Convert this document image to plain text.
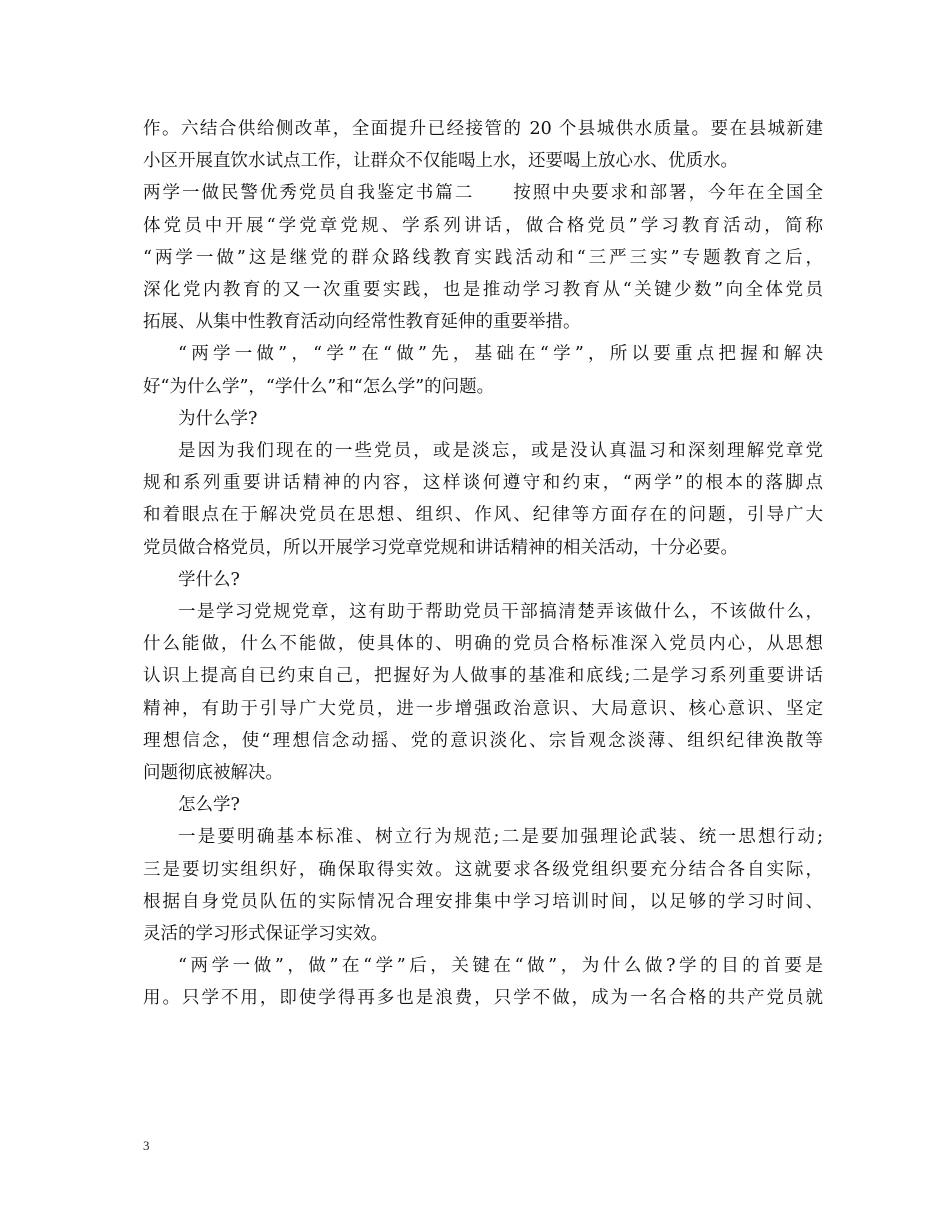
作。六结合供给侧改革，全面提升已经接管的 20 个县城供水质量。要在县城新建
小区开展直饮水试点工作，让群众不仅能喝上水，还要喝上放心水、优质水。
两学一做民警优秀党员自我鉴定书篇二　　按照中央要求和部署，今年在全国全
体党员中开展“学党章党规、学系列讲话，做合格党员”学习教育活动，简称
“两学一做”这是继党的群众路线教育实践活动和“三严三实”专题教育之后，
深化党内教育的又一次重要实践，也是推动学习教育从“关键少数”向全体党员
拓展、从集中性教育活动向经常性教育延伸的重要举措。
“两学一做”，“学”在“做”先，基础在“学”，所以要重点把握和解决
好“为什么学”，“学什么”和“怎么学”的问题。
为什么学?
是因为我们现在的一些党员，或是淡忘，或是没认真温习和深刻理解党章党
规和系列重要讲话精神的内容，这样谈何遵守和约束，“两学”的根本的落脚点
和着眼点在于解决党员在思想、组织、作风、纪律等方面存在的问题，引导广大
党员做合格党员，所以开展学习党章党规和讲话精神的相关活动，十分必要。
学什么?
一是学习党规党章，这有助于帮助党员干部搞清楚弄该做什么，不该做什么，
什么能做，什么不能做，使具体的、明确的党员合格标准深入党员内心，从思想
认识上提高自已约束自己，把握好为人做事的基准和底线;二是学习系列重要讲话
精神，有助于引导广大党员，进一步增强政治意识、大局意识、核心意识、坚定
理想信念，使“理想信念动摇、党的意识淡化、宗旨观念淡薄、组织纪律涣散等
问题彻底被解决。
怎么学?
一是要明确基本标准、树立行为规范;二是要加强理论武装、统一思想行动;
三是要切实组织好，确保取得实效。这就要求各级党组织要充分结合各自实际，
根据自身党员队伍的实际情况合理安排集中学习培训时间，以足够的学习时间、
灵活的学习形式保证学习实效。
“两学一做”，做”在“学”后，关键在“做”，为什么做?学的目的首要是
用。只学不用，即使学得再多也是浪费，只学不做，成为一名合格的共产党员就
3
